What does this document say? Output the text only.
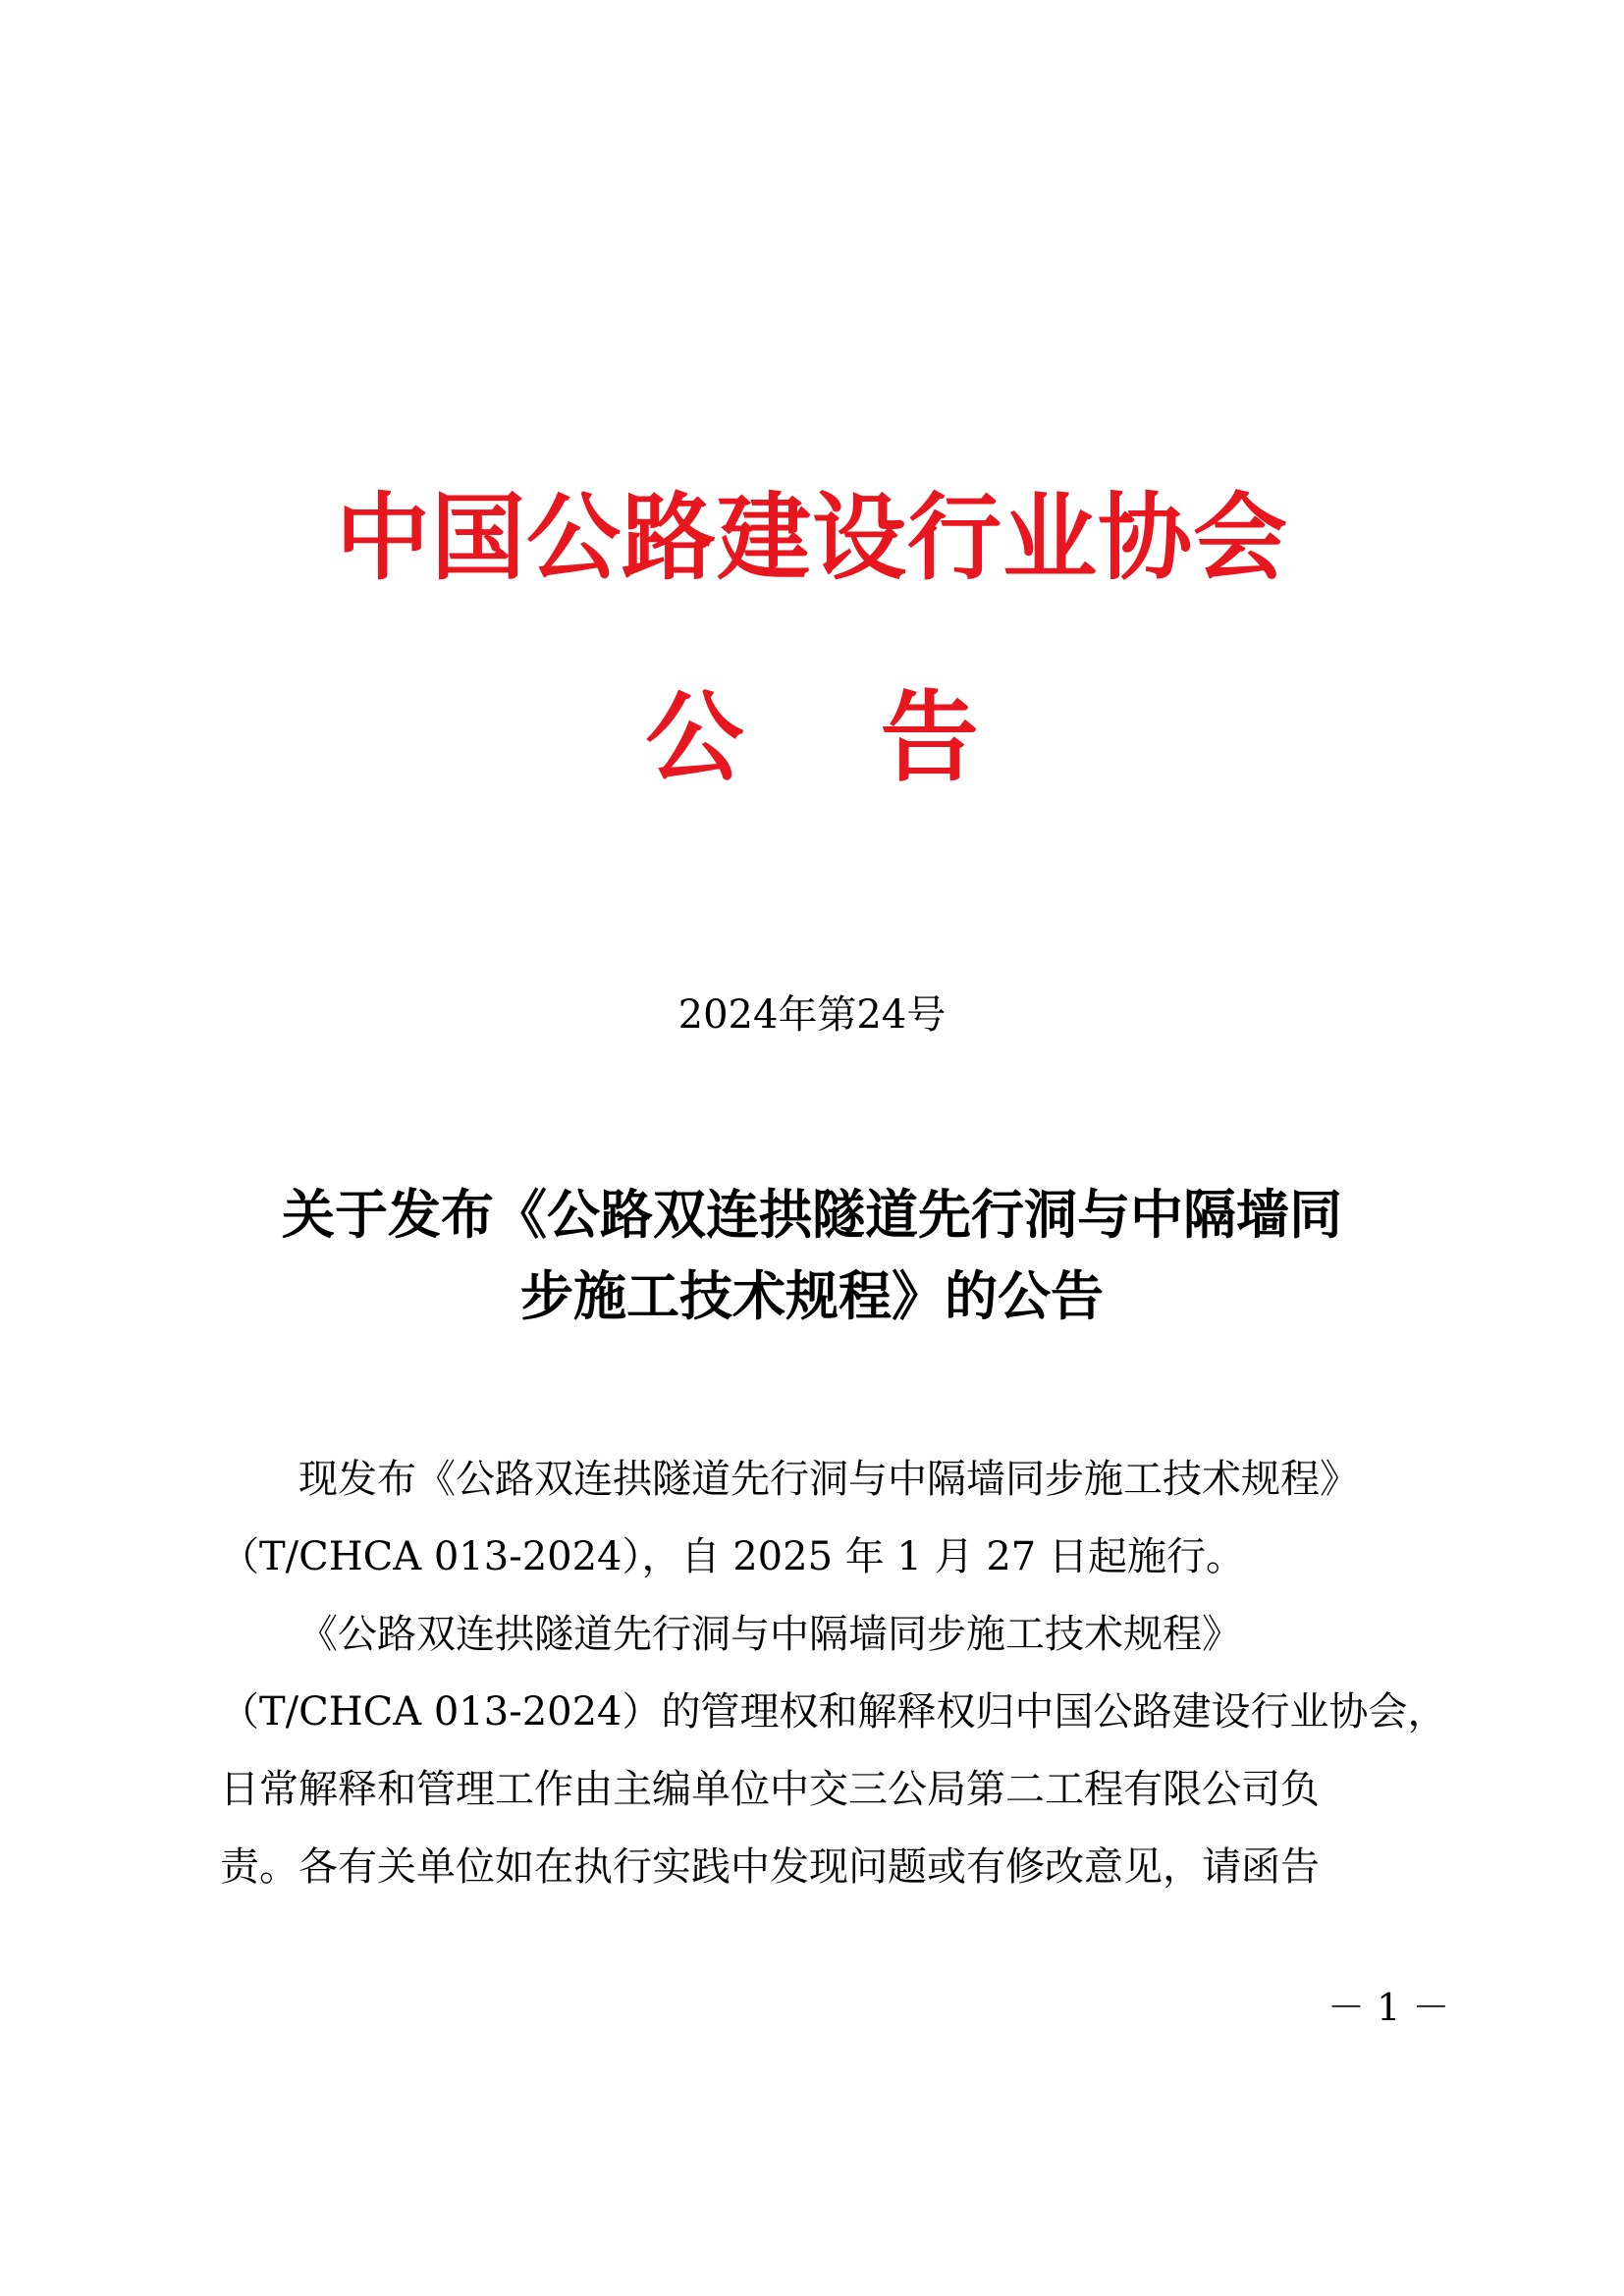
中国公路建设行业协会
公    告
2024年第24号
关于发布《公路双连拱隧道先行洞与中隔墙同
步施工技术规程》的公告
现发布《公路双连拱隧道先行洞与中隔墙同步施工技术规程》
（T/CHCA 013-2024），自 2025 年 1 月 27 日起施行。
《公路双连拱隧道先行洞与中隔墙同步施工技术规程》
（T/CHCA 013-2024）的管理权和解释权归中国公路建设行业协会，
日常解释和管理工作由主编单位中交三公局第二工程有限公司负
责。各有关单位如在执行实践中发现问题或有修改意见，请函告
－ 1 －
